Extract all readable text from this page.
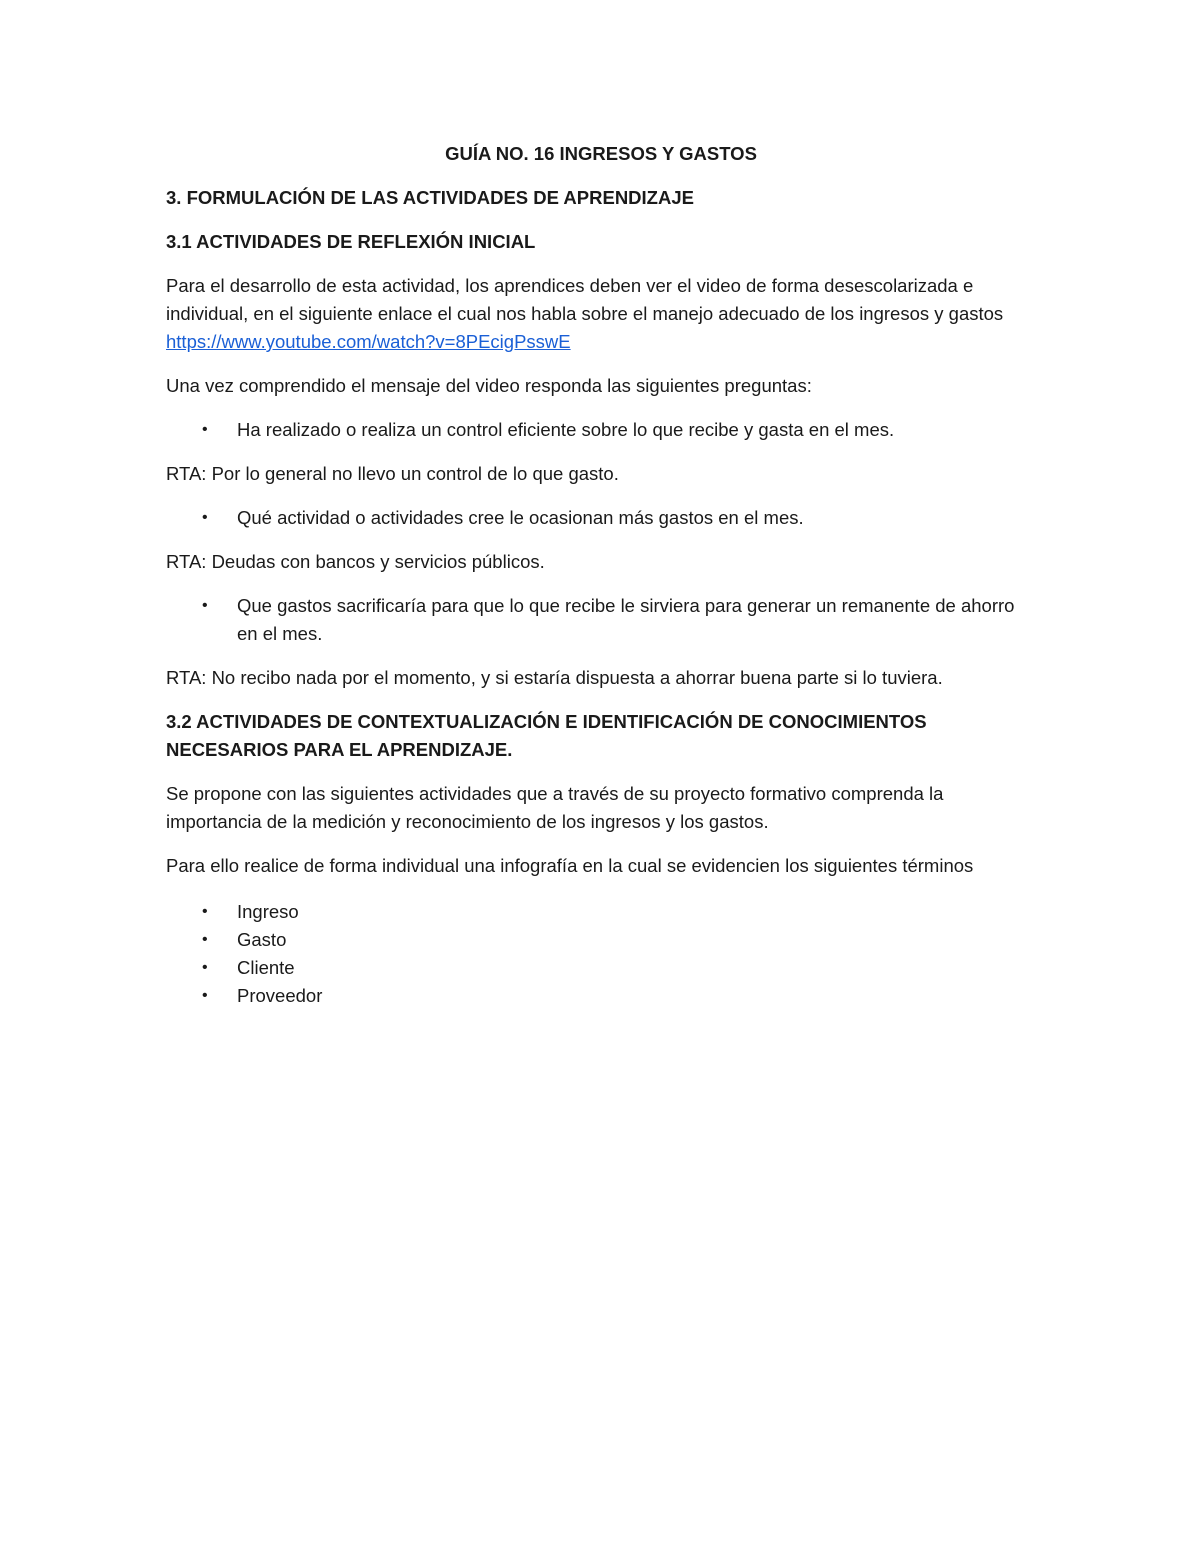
GUÍA NO. 16 INGRESOS Y GASTOS
3. FORMULACIÓN DE LAS ACTIVIDADES DE APRENDIZAJE
3.1 ACTIVIDADES DE REFLEXIÓN INICIAL
Para el desarrollo de esta actividad, los aprendices deben ver el video de forma desescolarizada e individual, en el siguiente enlace el cual nos habla sobre el manejo adecuado de los ingresos y gastos https://www.youtube.com/watch?v=8PEcigPsswE
Una vez comprendido el mensaje del video responda las siguientes preguntas:
• Ha realizado o realiza un control eficiente sobre lo que recibe y gasta en el mes.
RTA: Por lo general no llevo un control de lo que gasto.
• Qué actividad o actividades cree le ocasionan más gastos en el mes.
RTA: Deudas con bancos y servicios públicos.
• Que gastos sacrificaría para que lo que recibe le sirviera para generar un remanente de ahorro en el mes.
RTA: No recibo nada por el momento, y si estaría dispuesta a ahorrar buena parte si lo tuviera.
3.2 ACTIVIDADES DE CONTEXTUALIZACIÓN E IDENTIFICACIÓN DE CONOCIMIENTOS NECESARIOS PARA EL APRENDIZAJE.
Se propone con las siguientes actividades que a través de su proyecto formativo comprenda la importancia de la medición y reconocimiento de los ingresos y los gastos.
Para ello realice de forma individual una infografía en la cual se evidencien los siguientes términos
• Ingreso
• Gasto
• Cliente
• Proveedor
